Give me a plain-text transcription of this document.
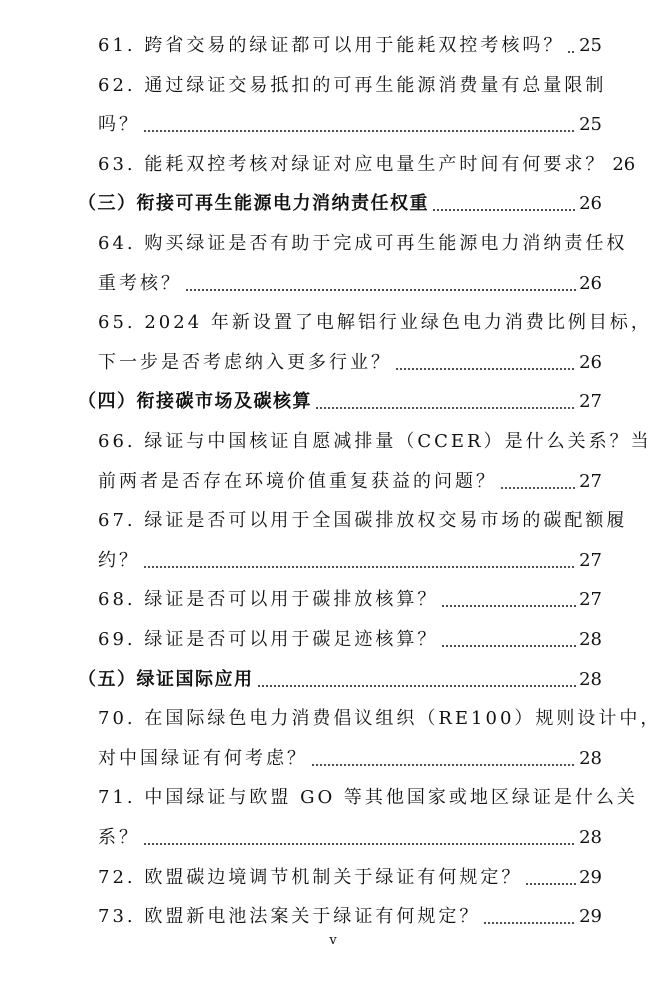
61. 跨省交易的绿证都可以用于能耗双控考核吗？ 25
62. 通过绿证交易抵扣的可再生能源消费量有总量限制
吗？	25
63. 能耗双控考核对绿证对应电量生产时间有何要求？ 26
（三）衔接可再生能源电力消纳责任权重	26
64. 购买绿证是否有助于完成可再生能源电力消纳责任权
重考核？	26
65. 2024 年新设置了电解铝行业绿色电力消费比例目标，
下一步是否考虑纳入更多行业？	26
（四）衔接碳市场及碳核算	27
66. 绿证与中国核证自愿减排量（CCER）是什么关系？当
前两者是否存在环境价值重复获益的问题？	27
67. 绿证是否可以用于全国碳排放权交易市场的碳配额履
约？	27
68. 绿证是否可以用于碳排放核算？	27
69. 绿证是否可以用于碳足迹核算？	28
（五）绿证国际应用	28
70. 在国际绿色电力消费倡议组织（RE100）规则设计中，
对中国绿证有何考虑？	28
71. 中国绿证与欧盟 GO 等其他国家或地区绿证是什么关
系？	28
72. 欧盟碳边境调节机制关于绿证有何规定？	29
73. 欧盟新电池法案关于绿证有何规定？	29
v
